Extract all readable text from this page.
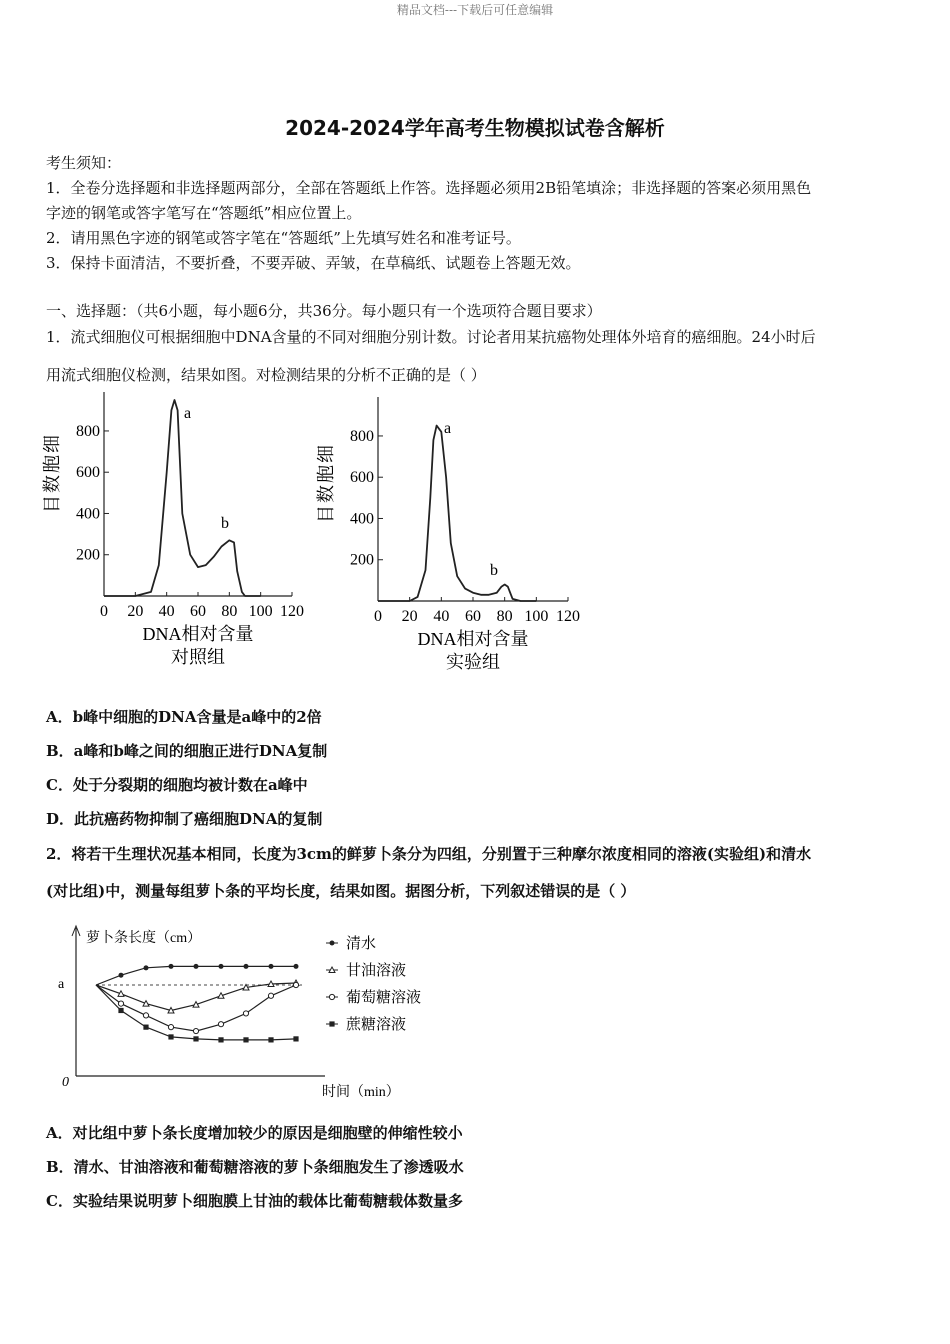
精品文档---下载后可任意编辑
2024-2024学年高考生物模拟试卷含解析
考生须知：
1．全卷分选择题和非选择题两部分，全部在答题纸上作答。选择题必须用2B铅笔填涂；非选择题的答案必须用黑色
字迹的钢笔或答字笔写在“答题纸”相应位置上。
2．请用黑色字迹的钢笔或答字笔在“答题纸”上先填写姓名和准考证号。
3．保持卡面清洁，不要折叠，不要弄破、弄皱，在草稿纸、试题卷上答题无效。
一、选择题：（共6小题，每小题6分，共36分。每小题只有一个选项符合题目要求）
1．流式细胞仪可根据细胞中DNA含量的不同对细胞分别计数。讨论者用某抗癌物处理体外培育的癌细胞。24小时后
用流式细胞仪检测，结果如图。对检测结果的分析不正确的是（ ）
200
400
600
800
0 20 40 60 80 100 120
细
胞
数
目
a
b
DNA相对含量
对照组
200
400
600
800
0 20 40 60 80 100 120
细
胞
数
目
a
b
DNA相对含量
实验组
A．b峰中细胞的DNA含量是a峰中的2倍
B．a峰和b峰之间的细胞正进行DNA复制
C．处于分裂期的细胞均被计数在a峰中
D．此抗癌药物抑制了癌细胞DNA的复制
2．将若干生理状况基本相同，长度为3cm的鲜萝卜条分为四组，分别置于三种摩尔浓度相同的溶液(实验组)和清水
(对比组)中，测量每组萝卜条的平均长度，结果如图。据图分析，下列叙述错误的是（ ）
萝卜条长度（cm）
时间（min）
0
a
清水
甘油溶液
葡萄糖溶液
蔗糖溶液
A．对比组中萝卜条长度增加较少的原因是细胞壁的伸缩性较小
B．清水、甘油溶液和葡萄糖溶液的萝卜条细胞发生了渗透吸水
C．实验结果说明萝卜细胞膜上甘油的载体比葡萄糖载体数量多
